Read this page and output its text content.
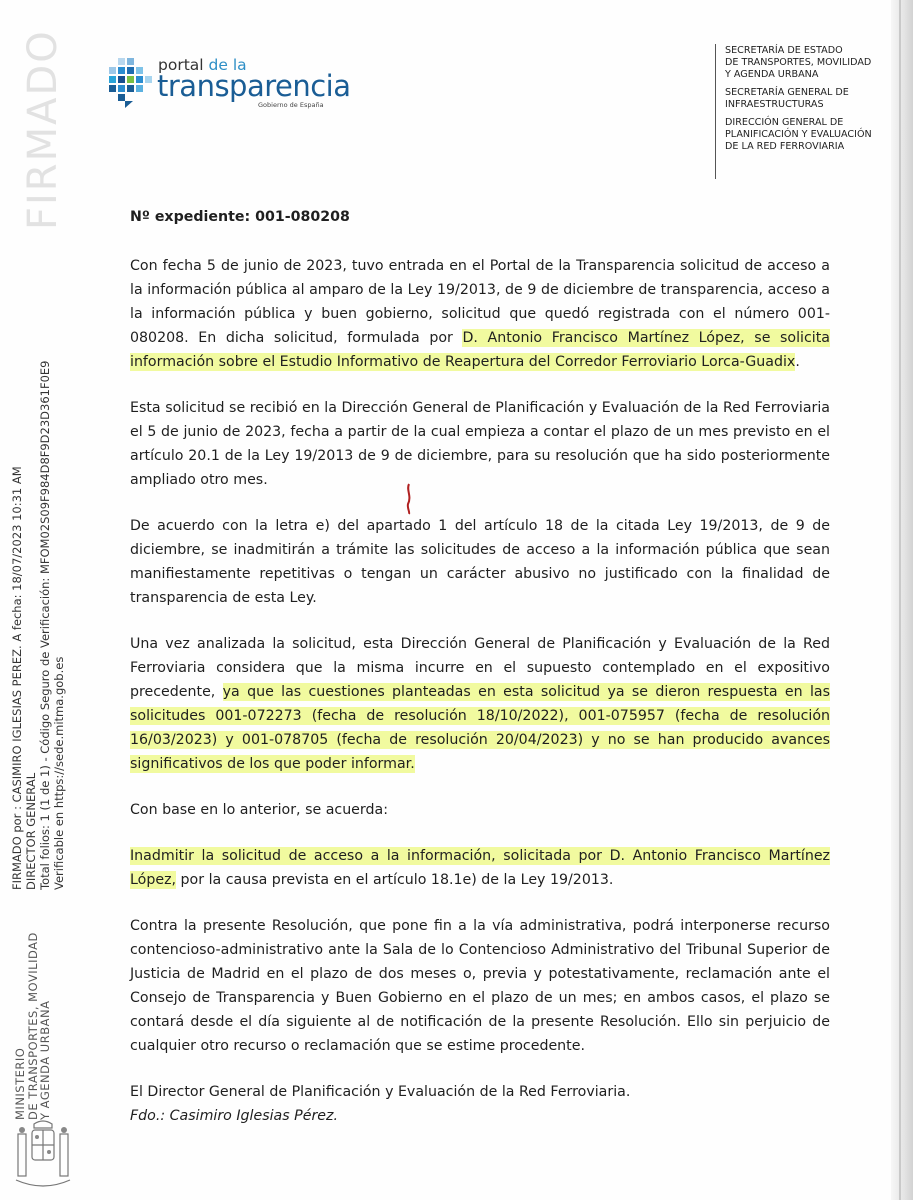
FIRMADO
FIRMADO por : CASIMIRO IGLESIAS PEREZ. A fecha: 18/07/2023 10:31 AM DIRECTOR GENERAL Total folios: 1 (1 de 1) - Código Seguro de Verificación: MFOM02S09F984D8F9D23D361F0E9 Verificable en https://sede.mitma.gob.es
MINISTERIO
DE TRANSPORTES, MOVILIDAD
Y AGENDA URBANA
portal de la
transparencia
Gobierno de España
SECRETARÍA DE ESTADO
DE TRANSPORTES, MOVILIDAD
Y AGENDA URBANA
SECRETARÍA GENERAL DE
INFRAESTRUCTURAS
DIRECCIÓN GENERAL DE
PLANIFICACIÓN Y EVALUACIÓN
DE LA RED FERROVIARIA

Nº expediente: 001-080208

Con fecha 5 de junio de 2023, tuvo entrada en el Portal de la Transparencia solicitud de acceso a la información pública al amparo de la Ley 19/2013, de 9 de diciembre de transparencia, acceso a la información pública y buen gobierno, solicitud que quedó registrada con el número 001-080208. En dicha solicitud, formulada por D. Antonio Francisco Martínez López, se solicita información sobre el Estudio Informativo de Reapertura del Corredor Ferroviario Lorca-Guadix.

Esta solicitud se recibió en la Dirección General de Planificación y Evaluación de la Red Ferroviaria el 5 de junio de 2023, fecha a partir de la cual empieza a contar el plazo de un mes previsto en el artículo 20.1 de la Ley 19/2013 de 9 de diciembre, para su resolución que ha sido posteriormente ampliado otro mes.

De acuerdo con la letra e) del apartado 1 del artículo 18 de la citada Ley 19/2013, de 9 de diciembre, se inadmitirán a trámite las solicitudes de acceso a la información pública que sean manifiestamente repetitivas o tengan un carácter abusivo no justificado con la finalidad de transparencia de esta Ley.

Una vez analizada la solicitud, esta Dirección General de Planificación y Evaluación de la Red Ferroviaria considera que la misma incurre en el supuesto contemplado en el expositivo precedente, ya que las cuestiones planteadas en esta solicitud ya se dieron respuesta en las solicitudes 001-072273 (fecha de resolución 18/10/2022), 001-075957 (fecha de resolución 16/03/2023) y 001-078705 (fecha de resolución 20/04/2023) y no se han producido avances significativos de los que poder informar.

Con base en lo anterior, se acuerda:

Inadmitir la solicitud de acceso a la información, solicitada por D. Antonio Francisco Martínez López, por la causa prevista en el artículo 18.1e) de la Ley 19/2013.

Contra la presente Resolución, que pone fin a la vía administrativa, podrá interponerse recurso contencioso-administrativo ante la Sala de lo Contencioso Administrativo del Tribunal Superior de Justicia de Madrid en el plazo de dos meses o, previa y potestativamente, reclamación ante el Consejo de Transparencia y Buen Gobierno en el plazo de un mes; en ambos casos, el plazo se contará desde el día siguiente al de notificación de la presente Resolución. Ello sin perjuicio de cualquier otro recurso o reclamación que se estime procedente.

El Director General de Planificación y Evaluación de la Red Ferroviaria.

Fdo.: Casimiro Iglesias Pérez.
